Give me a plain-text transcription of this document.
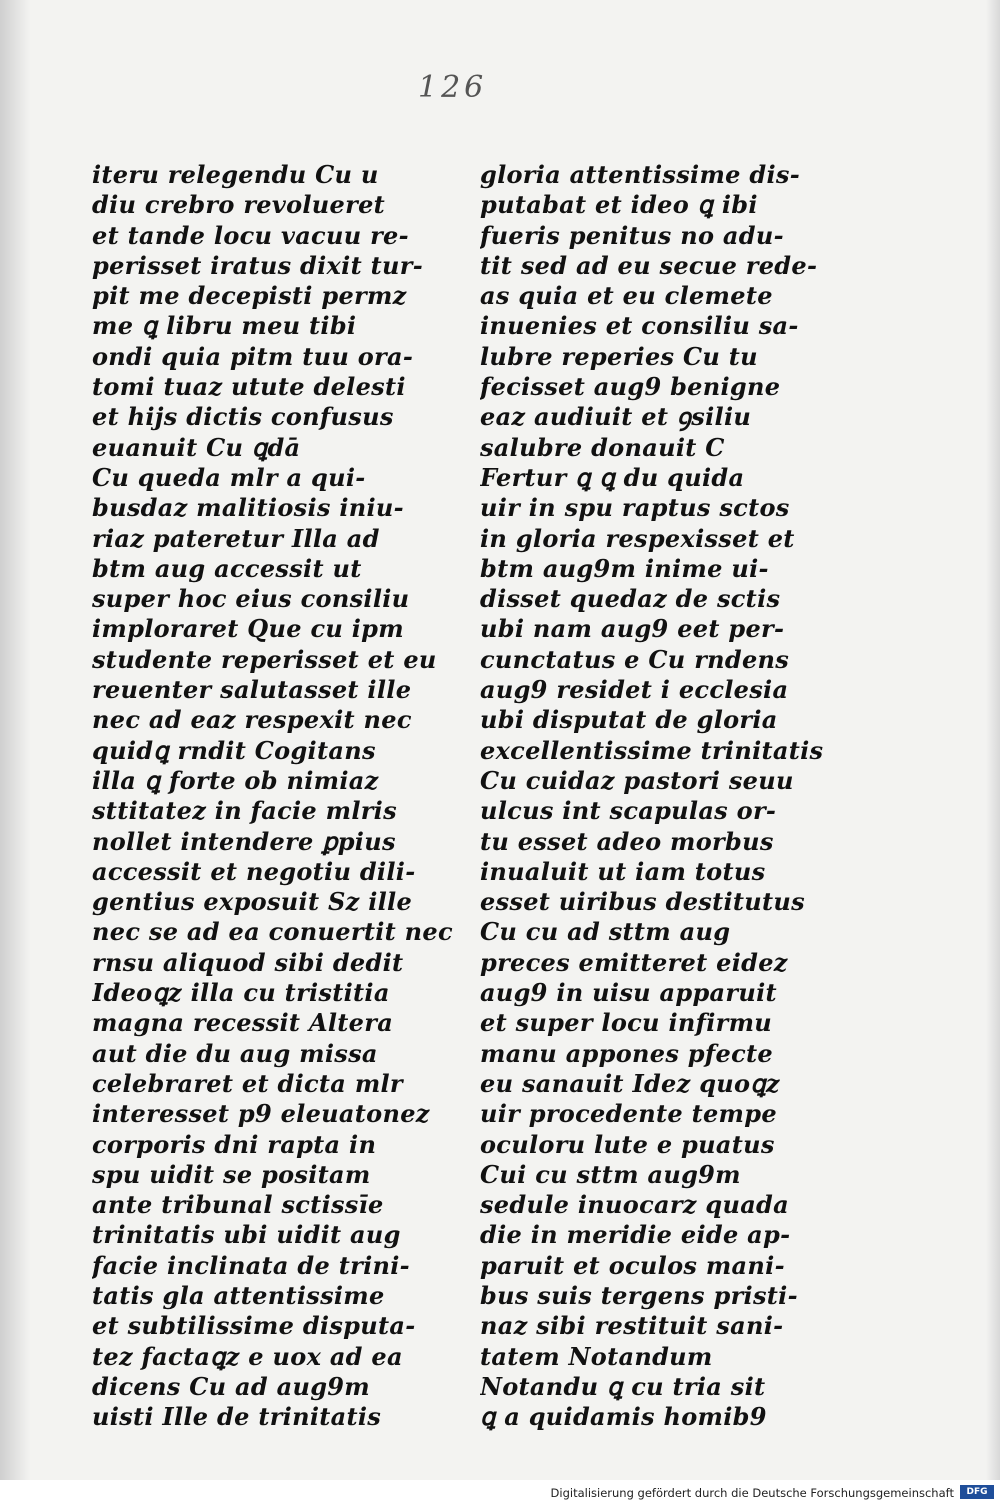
126
iteru relegendu Cu u
diu crebro revolueret
et tande locu vacuu re-
perisset iratus dixit tur-
pit me decepisti permz
me ꝗ libru meu tibi
ondi quia pitm tuu ora-
tomi tuaz utute delesti
et hijs dictis confusus
euanuit Cu ꝗdā
Cu queda mlr a qui-
busdaz malitiosis iniu-
riaz pateretur Illa ad
btm aug accessit ut
super hoc eius consiliu
imploraret Que cu ipm
studente reperisset et eu
reuenter salutasset ille
nec ad eaz respexit nec
quidꝗ rndit Cogitans
illa ꝗ forte ob nimiaz
sttitatez in facie mlris
nollet intendere ꝑpius
accessit et negotiu dili-
gentius exposuit Sz ille
nec se ad ea conuertit nec
rnsu aliquod sibi dedit
Ideoꝗz illa cu tristitia
magna recessit Altera
aut die du aug missa
celebraret et dicta mlr
interesset p9 eleuatonez
corporis dni rapta in
spu uidit se positam
ante tribunal sctissīe
trinitatis ubi uidit aug
facie inclinata de trini-
tatis gla attentissime
et subtilissime disputa-
tez factaꝗz e uox ad ea
dicens Cu ad aug9m
uisti Ille de trinitatis
gloria attentissime dis-
putabat et ideo ꝗ ibi
fueris penitus no adu-
tit sed ad eu secue rede-
as quia et eu clemete
inuenies et consiliu sa-
lubre reperies Cu tu
fecisset aug9 benigne
eaz audiuit et ꝯsiliu
salubre donauit C
Fertur ꝗ ꝗ du quida
uir in spu raptus sctos
in gloria respexisset et
btm aug9m inime ui-
disset quedaz de sctis
ubi nam aug9 eet per-
cunctatus e Cu rndens
aug9 residet i ecclesia
ubi disputat de gloria
excellentissime trinitatis
Cu cuidaz pastori seuu
ulcus int scapulas or-
tu esset adeo morbus
inualuit ut iam totus
esset uiribus destitutus
Cu cu ad sttm aug
preces emitteret eidez
aug9 in uisu apparuit
et super locu infirmu
manu appones pfecte
eu sanauit Idez quoꝗz
uir procedente tempe
oculoru lute e puatus
Cui cu sttm aug9m
sedule inuocarz quada
die in meridie eide ap-
paruit et oculos mani-
bus suis tergens pristi-
naz sibi restituit sani-
tatem Notandum
Notandu ꝗ cu tria sit
ꝗ a quidamis homib9
Digitalisierung gefördert durch die Deutsche Forschungsgemeinschaft	DFG
